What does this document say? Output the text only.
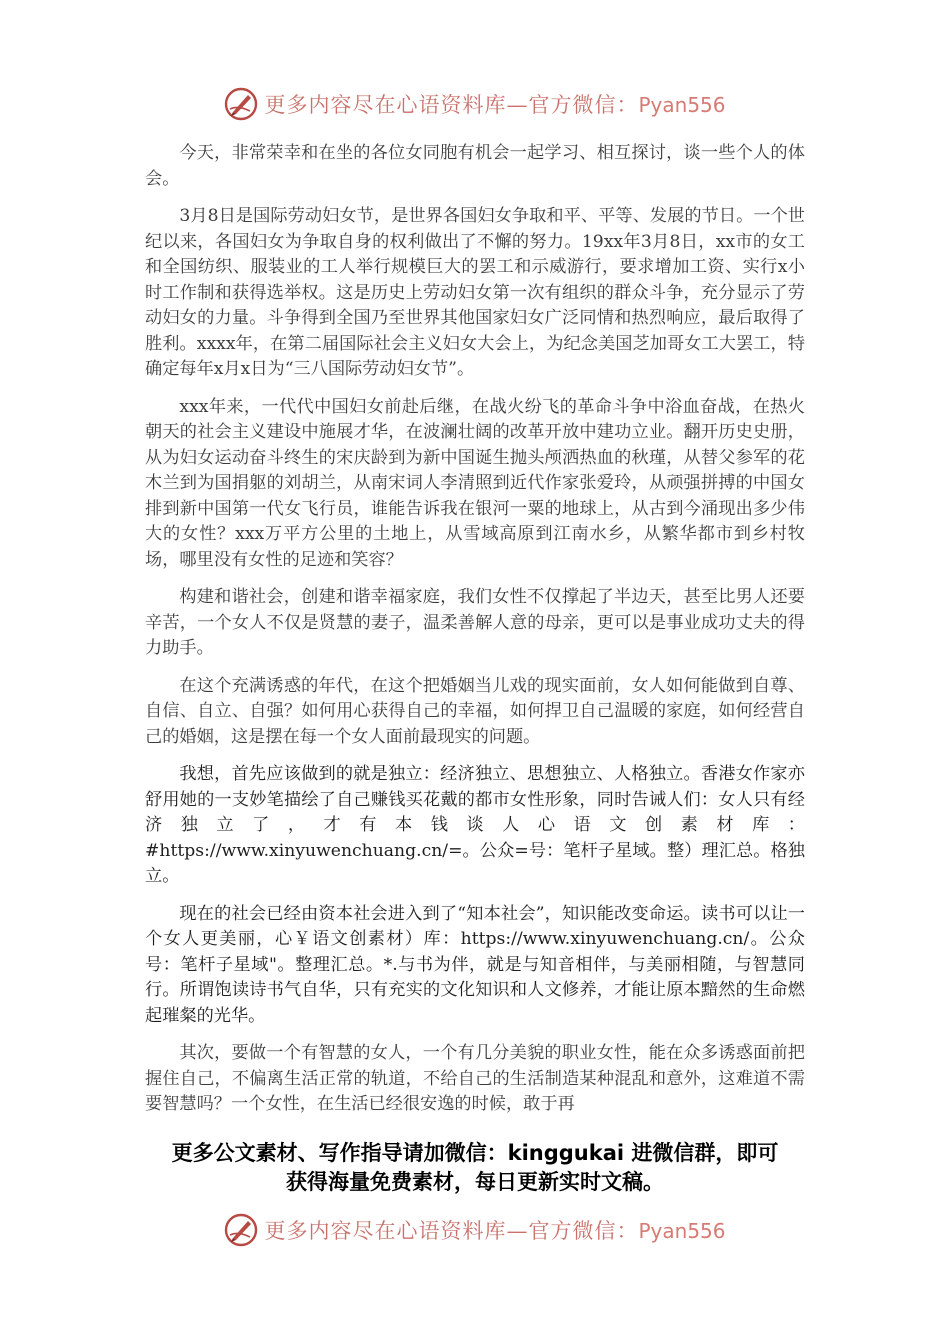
更多内容尽在心语资料库—官方微信：Pyan556

今天，非常荣幸和在坐的各位女同胞有机会一起学习、相互探讨，谈一些个人的体会。

3月8日是国际劳动妇女节，是世界各国妇女争取和平、平等、发展的节日。一个世纪以来，各国妇女为争取自身的权利做出了不懈的努力。19xx年3月8日，xx市的女工和全国纺织、服装业的工人举行规模巨大的罢工和示威游行，要求增加工资、实行x小时工作制和获得选举权。这是历史上劳动妇女第一次有组织的群众斗争，充分显示了劳动妇女的力量。斗争得到全国乃至世界其他国家妇女广泛同情和热烈响应，最后取得了胜利。xxxx年，在第二届国际社会主义妇女大会上，为纪念美国芝加哥女工大罢工，特确定每年x月x日为“三八国际劳动妇女节”。

xxx年来，一代代中国妇女前赴后继，在战火纷飞的革命斗争中浴血奋战，在热火朝天的社会主义建设中施展才华，在波澜壮阔的改革开放中建功立业。翻开历史史册，从为妇女运动奋斗终生的宋庆龄到为新中国诞生抛头颅洒热血的秋瑾，从替父参军的花木兰到为国捐躯的刘胡兰，从南宋词人李清照到近代作家张爱玲，从顽强拼搏的中国女排到新中国第一代女飞行员，谁能告诉我在银河一粟的地球上，从古到今涌现出多少伟大的女性？xxx万平方公里的土地上，从雪域高原到江南水乡，从繁华都市到乡村牧场，哪里没有女性的足迹和笑容？

构建和谐社会，创建和谐幸福家庭，我们女性不仅撑起了半边天，甚至比男人还要辛苦，一个女人不仅是贤慧的妻子，温柔善解人意的母亲，更可以是事业成功丈夫的得力助手。

在这个充满诱惑的年代，在这个把婚姻当儿戏的现实面前，女人如何能做到自尊、自信、自立、自强？如何用心获得自己的幸福，如何捍卫自己温暖的家庭，如何经营自己的婚姻，这是摆在每一个女人面前最现实的问题。

我想，首先应该做到的就是独立：经济独立、思想独立、人格独立。香港女作家亦舒用她的一支妙笔描绘了自己赚钱买花戴的都市女性形象，同时告诫人们：女人只有经济独立了，才有本钱谈人心语文创素材库：#https://www.xinyuwenchuang.cn/=。公众=号：笔杆子星域。整）理汇总。格独立。

现在的社会已经由资本社会进入到了“知本社会”，知识能改变命运。读书可以让一个女人更美丽，心￥语文创素材）库：https://www.xinyuwenchuang.cn/。公众号：笔杆子星域"。整理汇总。*.与书为伴，就是与知音相伴，与美丽相随，与智慧同行。所谓饱读诗书气自华，只有充实的文化知识和人文修养，才能让原本黯然的生命燃起璀粲的光华。

其次，要做一个有智慧的女人，一个有几分美貌的职业女性，能在众多诱惑面前把握住自己，不偏离生活正常的轨道，不给自己的生活制造某种混乱和意外，这难道不需要智慧吗？一个女性，在生活已经很安逸的时候，敢于再

更多公文素材、写作指导请加微信：kinggukai 进微信群，即可
获得海量免费素材，每日更新实时文稿。
更多内容尽在心语资料库—官方微信：Pyan556
